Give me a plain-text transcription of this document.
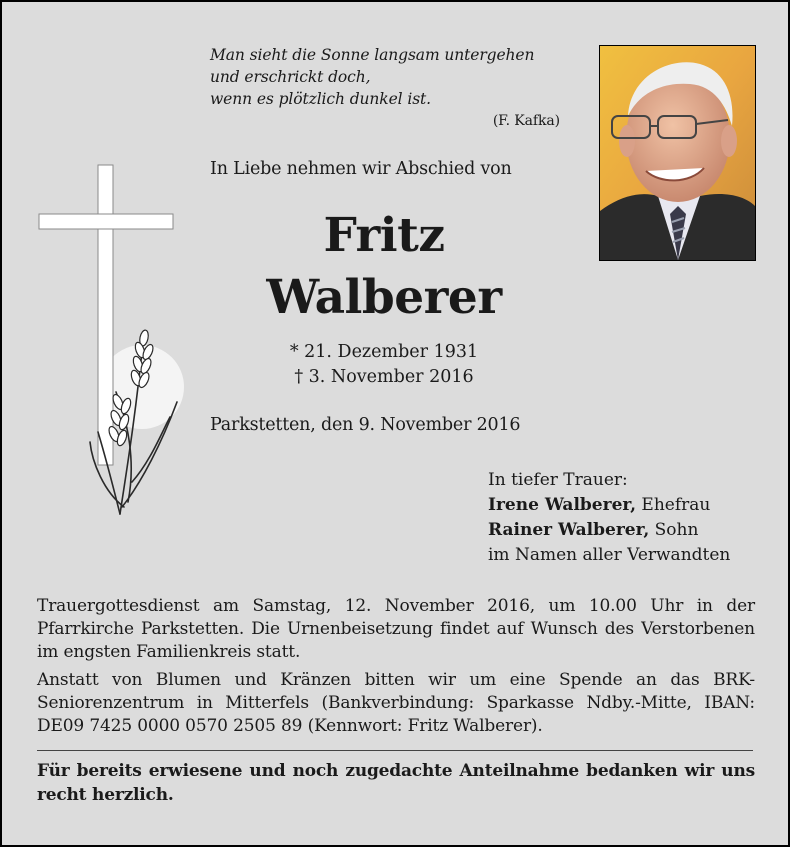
Man sieht die Sonne langsam untergehen
und erschrickt doch,
wenn es plötzlich dunkel ist.
(F. Kafka)
In Liebe nehmen wir Abschied von
Fritz
Walberer
* 21. Dezember 1931
† 3. November 2016
Parkstetten, den 9. November 2016
In tiefer Trauer:
Irene Walberer, Ehefrau
Rainer Walberer, Sohn
im Namen aller Verwandten

Trauergottesdienst am Samstag, 12. November 2016, um 10.00 Uhr in der Pfarrkirche Parkstetten. Die Urnenbeisetzung findet auf Wunsch des Verstorbenen im engsten Familienkreis statt.

Anstatt von Blumen und Kränzen bitten wir um eine Spende an das BRK-Seniorenzentrum in Mitterfels (Bankverbindung: Sparkasse Ndby.-Mitte, IBAN: DE09 7425 0000 0570 2505 89 (Kennwort: Fritz Walberer).

Für bereits erwiesene und noch zugedachte Anteilnahme bedanken wir uns recht herzlich.
